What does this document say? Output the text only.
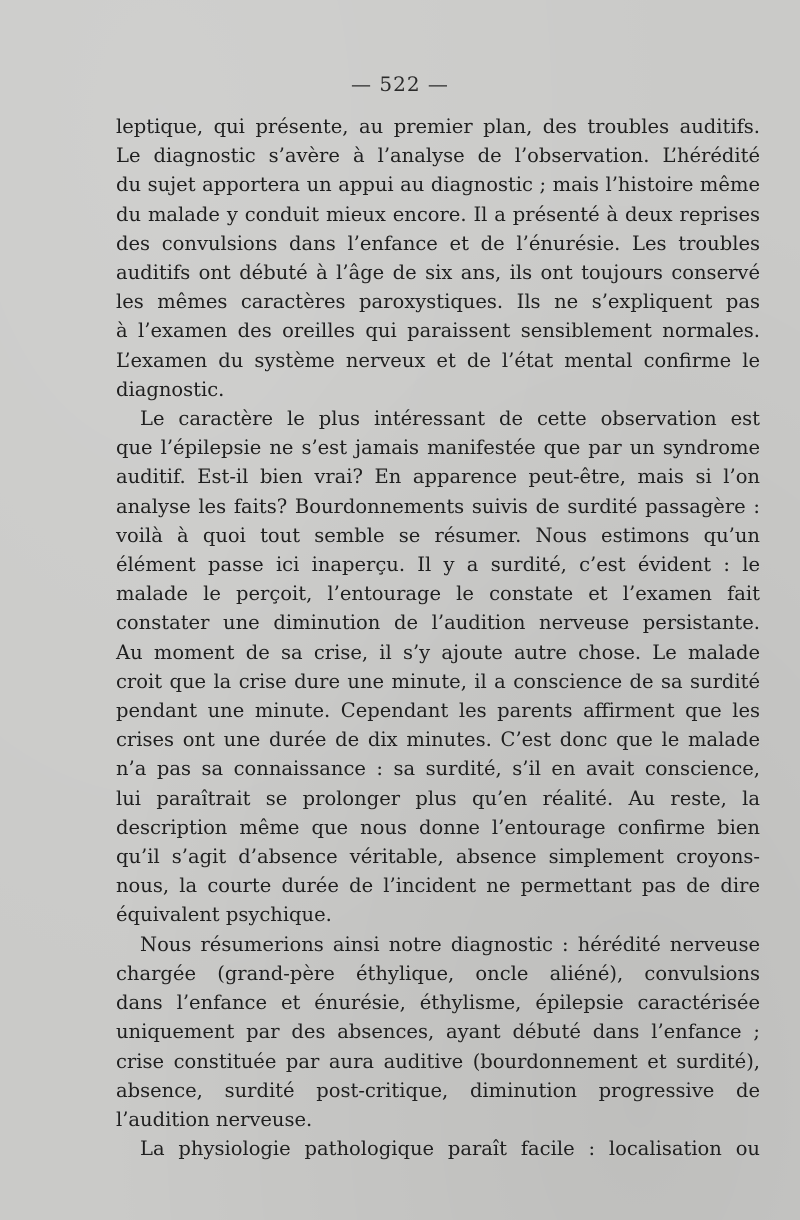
— 522 —

leptique, qui présente, au premier plan, des troubles auditifs.
Le diagnostic s’avère à l’analyse de l’observation. L’hérédité
du sujet apportera un appui au diagnostic ; mais l’histoire même
du malade y conduit mieux encore. Il a présenté à deux reprises
des convulsions dans l’enfance et de l’énurésie. Les troubles
auditifs ont débuté à l’âge de six ans, ils ont toujours conservé
les mêmes caractères paroxystiques. Ils ne s’expliquent pas
à l’examen des oreilles qui paraissent sensiblement normales.
L’examen du système nerveux et de l’état mental confirme le
diagnostic.

Le caractère le plus intéressant de cette observation est
que l’épilepsie ne s’est jamais manifestée que par un syndrome
auditif. Est-il bien vrai? En apparence peut-être, mais si l’on
analyse les faits? Bourdonnements suivis de surdité passagère :
voilà à quoi tout semble se résumer. Nous estimons qu’un
élément passe ici inaperçu. Il y a surdité, c’est évident : le
malade le perçoit, l’entourage le constate et l’examen fait
constater une diminution de l’audition nerveuse persistante.
Au moment de sa crise, il s’y ajoute autre chose. Le malade
croit que la crise dure une minute, il a conscience de sa surdité
pendant une minute. Cependant les parents affirment que les
crises ont une durée de dix minutes. C’est donc que le malade
n’a pas sa connaissance : sa surdité, s’il en avait conscience,
lui paraîtrait se prolonger plus qu’en réalité. Au reste, la
description même que nous donne l’entourage confirme bien
qu’il s’agit d’absence véritable, absence simplement croyons-
nous, la courte durée de l’incident ne permettant pas de dire
équivalent psychique.

Nous résumerions ainsi notre diagnostic : hérédité nerveuse
chargée (grand-père éthylique, oncle aliéné), convulsions
dans l’enfance et énurésie, éthylisme, épilepsie caractérisée
uniquement par des absences, ayant débuté dans l’enfance ;
crise constituée par aura auditive (bourdonnement et surdité),
absence, surdité post-critique, diminution progressive de
l’audition nerveuse.

La physiologie pathologique paraît facile : localisation ou
